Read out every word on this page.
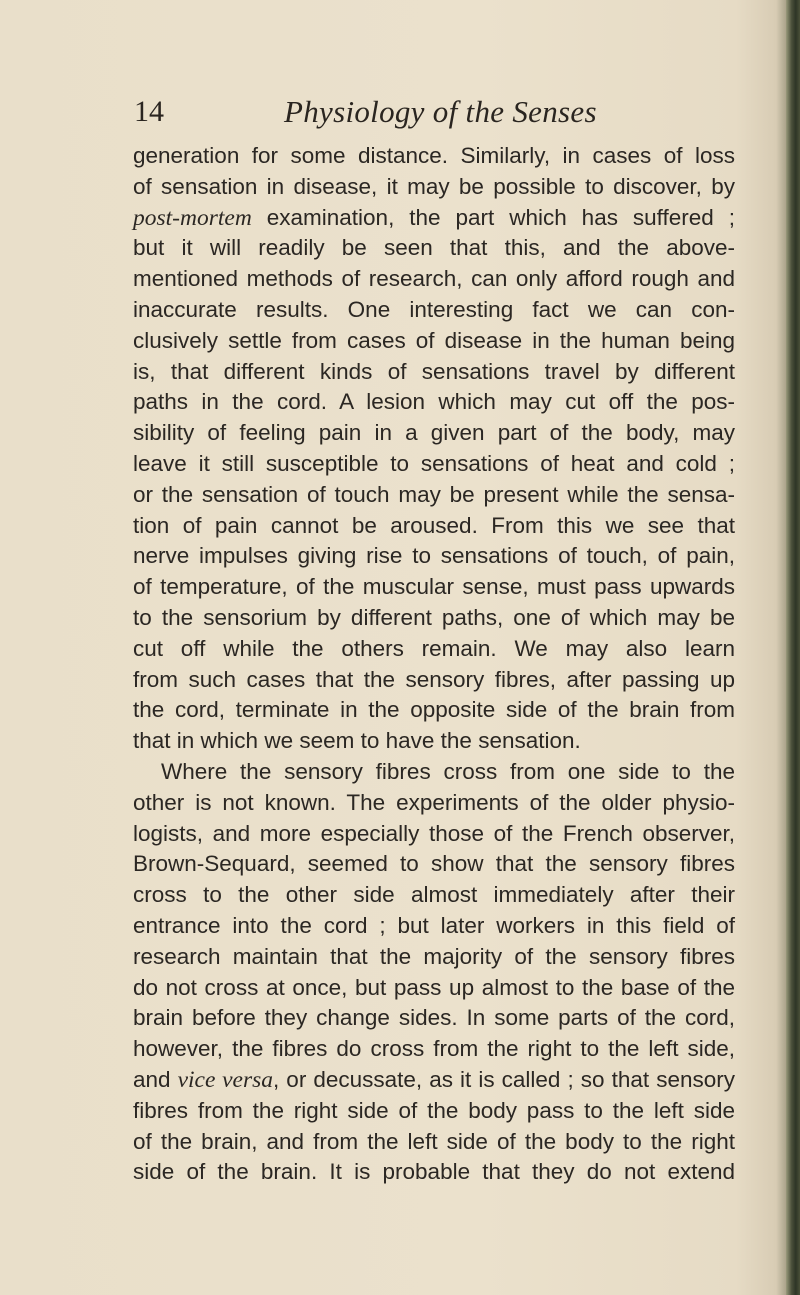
14	Physiology of the Senses
generation for some distance. Similarly, in cases of loss
of sensation in disease, it may be possible to discover, by
post-mortem examination, the part which has suffered ;
but it will readily be seen that this, and the above-
mentioned methods of research, can only afford rough and
inaccurate results. One interesting fact we can con-
clusively settle from cases of disease in the human being
is, that different kinds of sensations travel by different
paths in the cord. A lesion which may cut off the pos-
sibility of feeling pain in a given part of the body, may
leave it still susceptible to sensations of heat and cold ;
or the sensation of touch may be present while the sensa-
tion of pain cannot be aroused. From this we see that
nerve impulses giving rise to sensations of touch, of pain,
of temperature, of the muscular sense, must pass upwards
to the sensorium by different paths, one of which may be
cut off while the others remain. We may also learn
from such cases that the sensory fibres, after passing up
the cord, terminate in the opposite side of the brain from
that in which we seem to have the sensation.
Where the sensory fibres cross from one side to the
other is not known. The experiments of the older physio-
logists, and more especially those of the French observer,
Brown-Sequard, seemed to show that the sensory fibres
cross to the other side almost immediately after their
entrance into the cord ; but later workers in this field of
research maintain that the majority of the sensory fibres
do not cross at once, but pass up almost to the base of the
brain before they change sides. In some parts of the cord,
however, the fibres do cross from the right to the left side,
and vice versa, or decussate, as it is called ; so that sensory
fibres from the right side of the body pass to the left side
of the brain, and from the left side of the body to the right
side of the brain. It is probable that they do not extend
